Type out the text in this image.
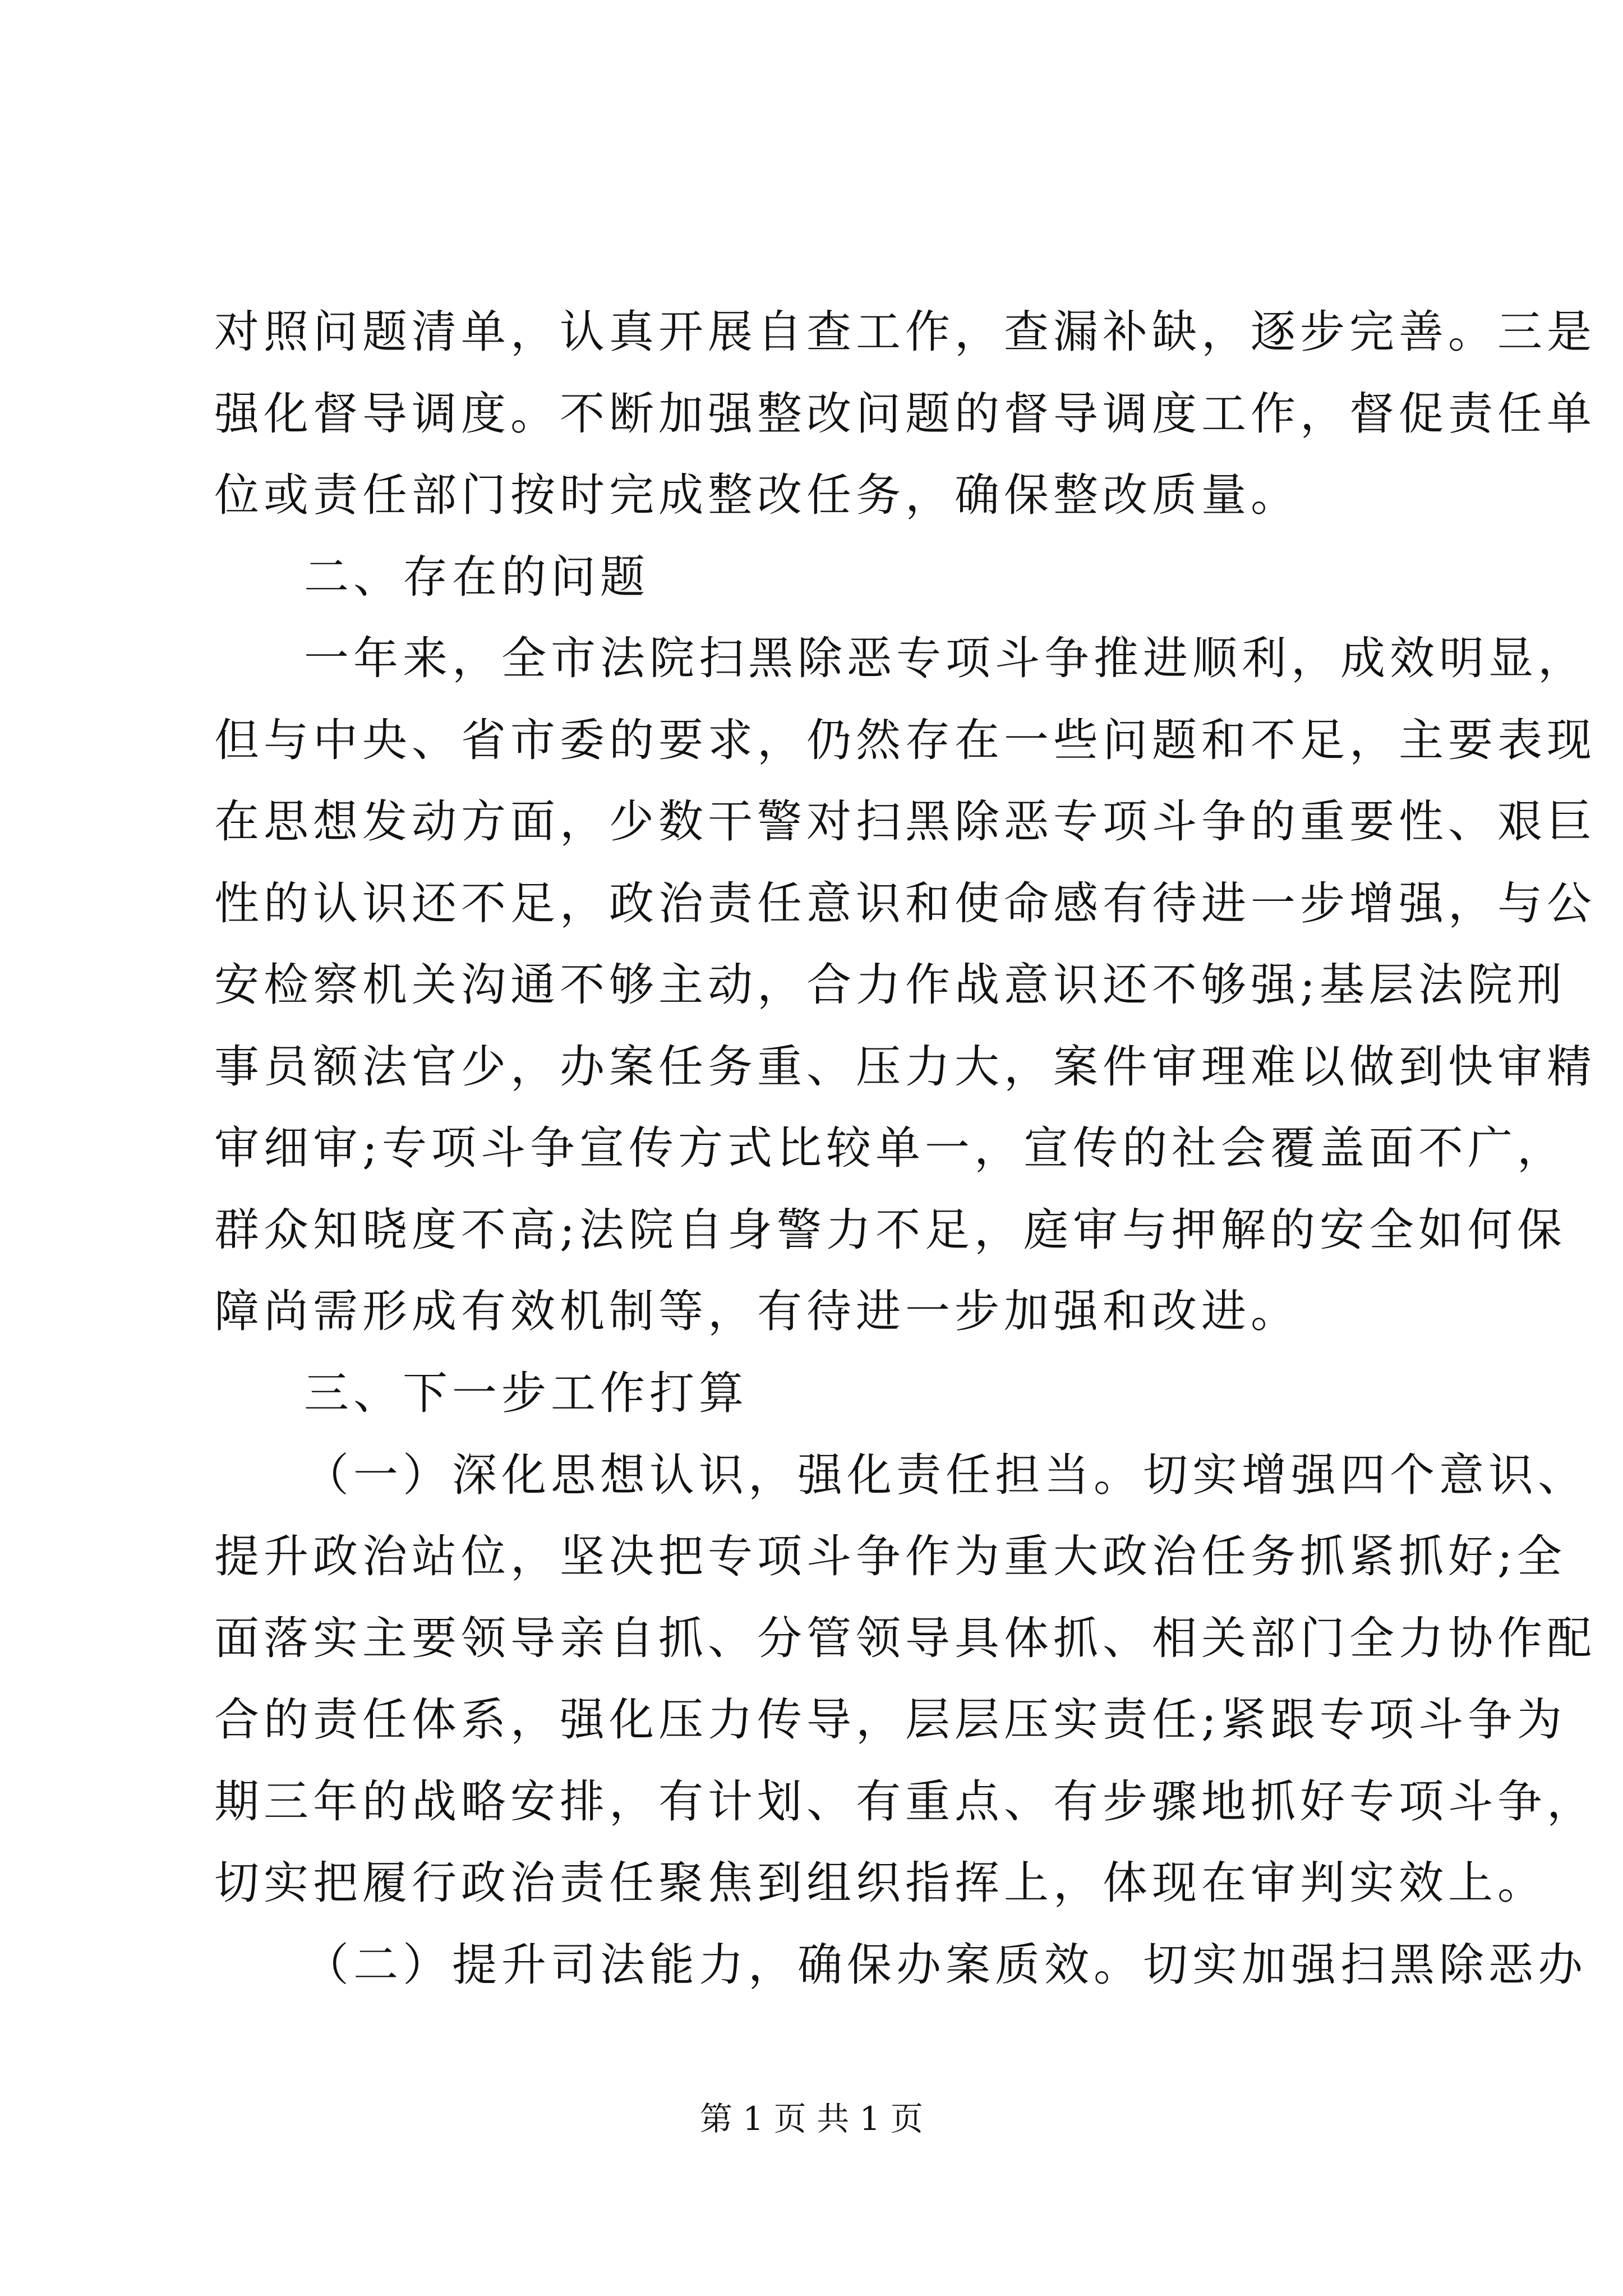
对照问题清单，认真开展自查工作，查漏补缺，逐步完善。三是
强化督导调度。不断加强整改问题的督导调度工作，督促责任单
位或责任部门按时完成整改任务，确保整改质量。
二、存在的问题
一年来，全市法院扫黑除恶专项斗争推进顺利，成效明显，
但与中央、省市委的要求，仍然存在一些问题和不足，主要表现
在思想发动方面，少数干警对扫黑除恶专项斗争的重要性、艰巨
性的认识还不足，政治责任意识和使命感有待进一步增强，与公
安检察机关沟通不够主动，合力作战意识还不够强;基层法院刑
事员额法官少，办案任务重、压力大，案件审理难以做到快审精
审细审;专项斗争宣传方式比较单一，宣传的社会覆盖面不广，
群众知晓度不高;法院自身警力不足，庭审与押解的安全如何保
障尚需形成有效机制等，有待进一步加强和改进。
三、下一步工作打算
（一）深化思想认识，强化责任担当。切实增强四个意识、
提升政治站位，坚决把专项斗争作为重大政治任务抓紧抓好;全
面落实主要领导亲自抓、分管领导具体抓、相关部门全力协作配
合的责任体系，强化压力传导，层层压实责任;紧跟专项斗争为
期三年的战略安排，有计划、有重点、有步骤地抓好专项斗争，
切实把履行政治责任聚焦到组织指挥上，体现在审判实效上。
（二）提升司法能力，确保办案质效。切实加强扫黑除恶办
第 1 页 共 1 页
